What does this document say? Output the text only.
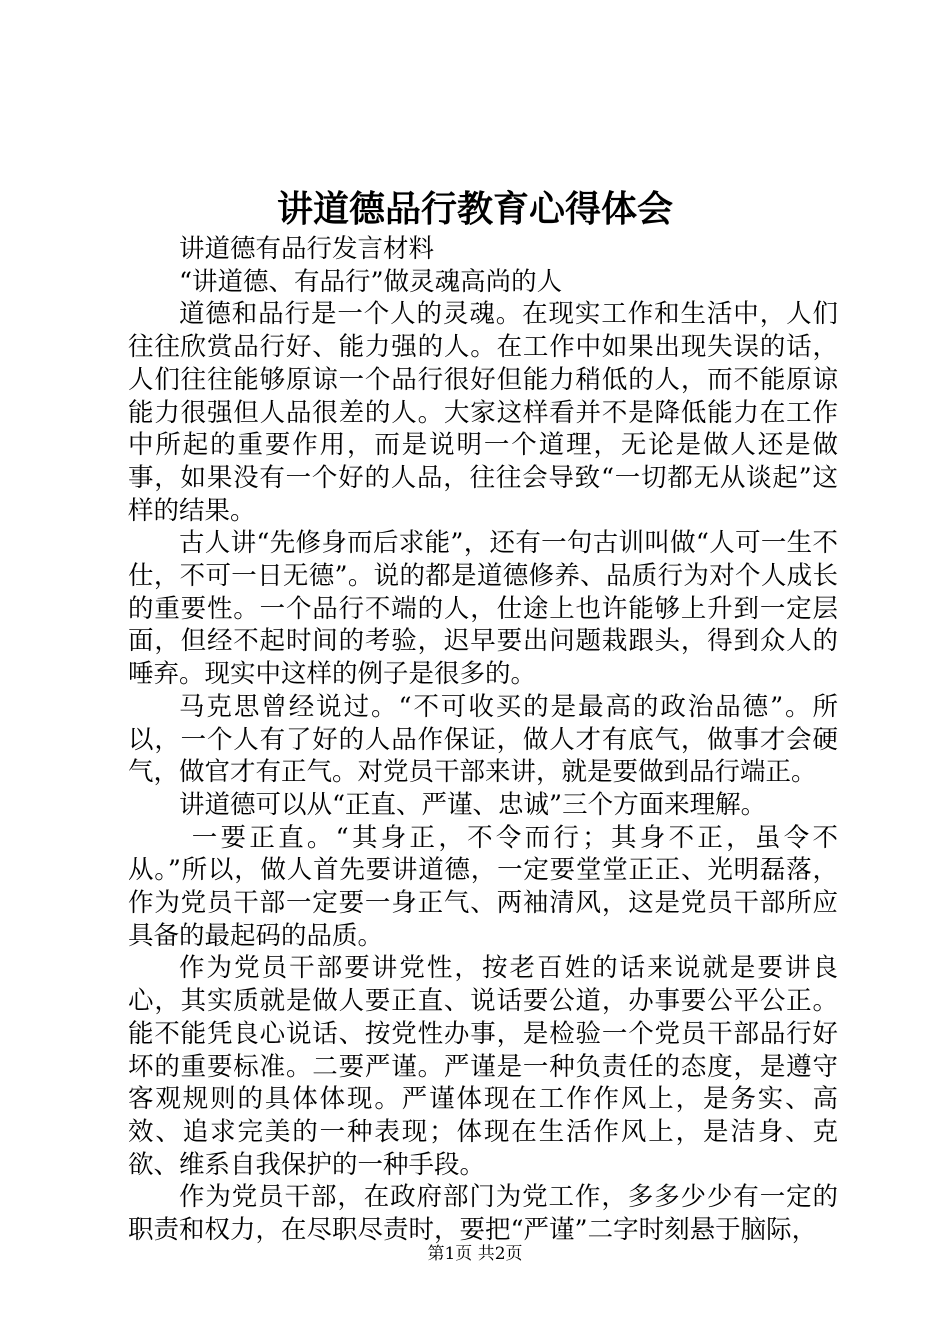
讲道德品行教育心得体会

讲道德有品行发言材料

“讲道德、有品行”做灵魂高尚的人

道德和品行是一个人的灵魂。在现实工作和生活中，人们往往欣赏品行好、能力强的人。在工作中如果出现失误的话，人们往往能够原谅一个品行很好但能力稍低的人，而不能原谅能力很强但人品很差的人。大家这样看并不是降低能力在工作中所起的重要作用，而是说明一个道理，无论是做人还是做事，如果没有一个好的人品，往往会导致“一切都无从谈起”这样的结果。

古人讲“先修身而后求能”，还有一句古训叫做“人可一生不仕，不可一日无德”。说的都是道德修养、品质行为对个人成长的重要性。一个品行不端的人，仕途上也许能够上升到一定层面，但经不起时间的考验，迟早要出问题栽跟头，得到众人的唾弃。现实中这样的例子是很多的。

马克思曾经说过。“不可收买的是最高的政治品德”。所以，一个人有了好的人品作保证，做人才有底气，做事才会硬气，做官才有正气。对党员干部来讲，就是要做到品行端正。

讲道德可以从“正直、严谨、忠诚”三个方面来理解。

一要正直。“其身正，不令而行；其身不正，虽令不从。”所以，做人首先要讲道德，一定要堂堂正正、光明磊落，作为党员干部一定要一身正气、两袖清风，这是党员干部所应具备的最起码的品质。

作为党员干部要讲党性，按老百姓的话来说就是要讲良心，其实质就是做人要正直、说话要公道，办事要公平公正。能不能凭良心说话、按党性办事，是检验一个党员干部品行好坏的重要标准。二要严谨。严谨是一种负责任的态度，是遵守客观规则的具体体现。严谨体现在工作作风上，是务实、高效、追求完美的一种表现；体现在生活作风上，是洁身、克欲、维系自我保护的一种手段。

作为党员干部，在政府部门为党工作，多多少少有一定的职责和权力，在尽职尽责时，要把“严谨”二字时刻悬于脑际，

第1页 共2页
